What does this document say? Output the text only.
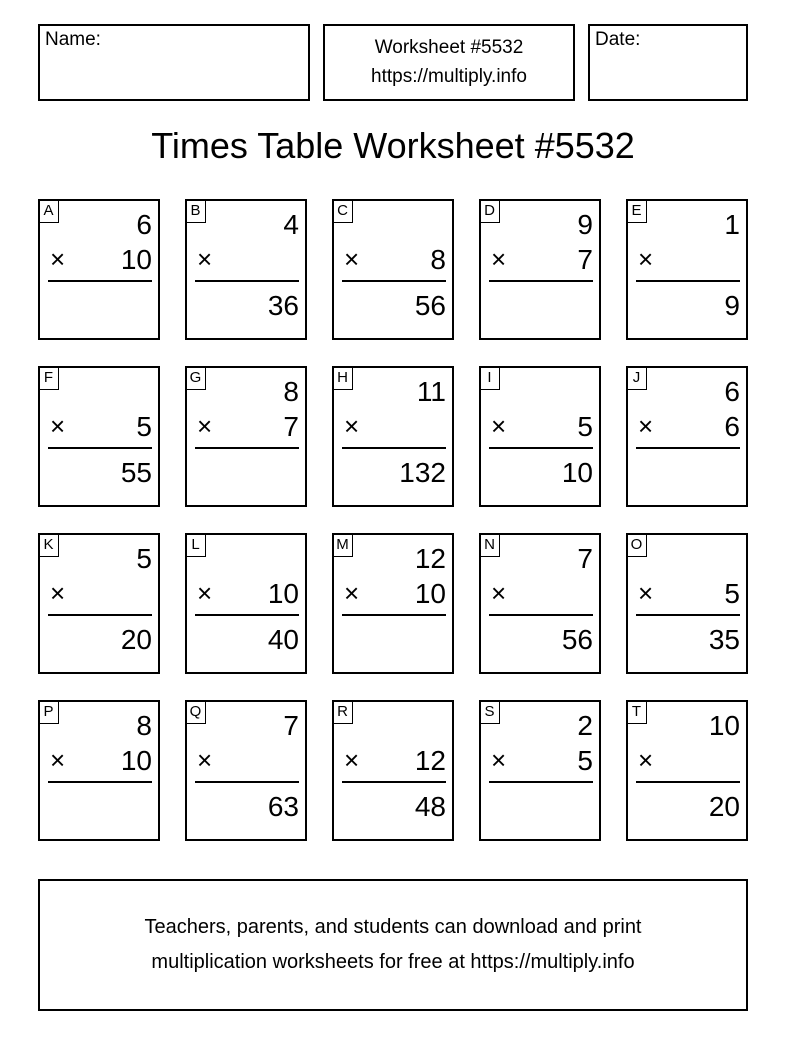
Name:	Worksheet #5532
https://multiply.info
Date:
Times Table Worksheet #5532
A	6
× 10
B	4
×
36
C
×	8
56
D	9
×	7
E	1
×
9
F
×	5
55
G	8
×	7
H 11
×
132
I
×	5
10
J	6
×	6
K	5
×
20
L
× 10
40
M 12
× 10
N	7
×
56
O
×	5
35
P	8
× 10
Q	7
×
63
R
× 12
48
S	2
×	5
T 10
×
20
Teachers, parents, and students can download and print
multiplication worksheets for free at https://multiply.info
